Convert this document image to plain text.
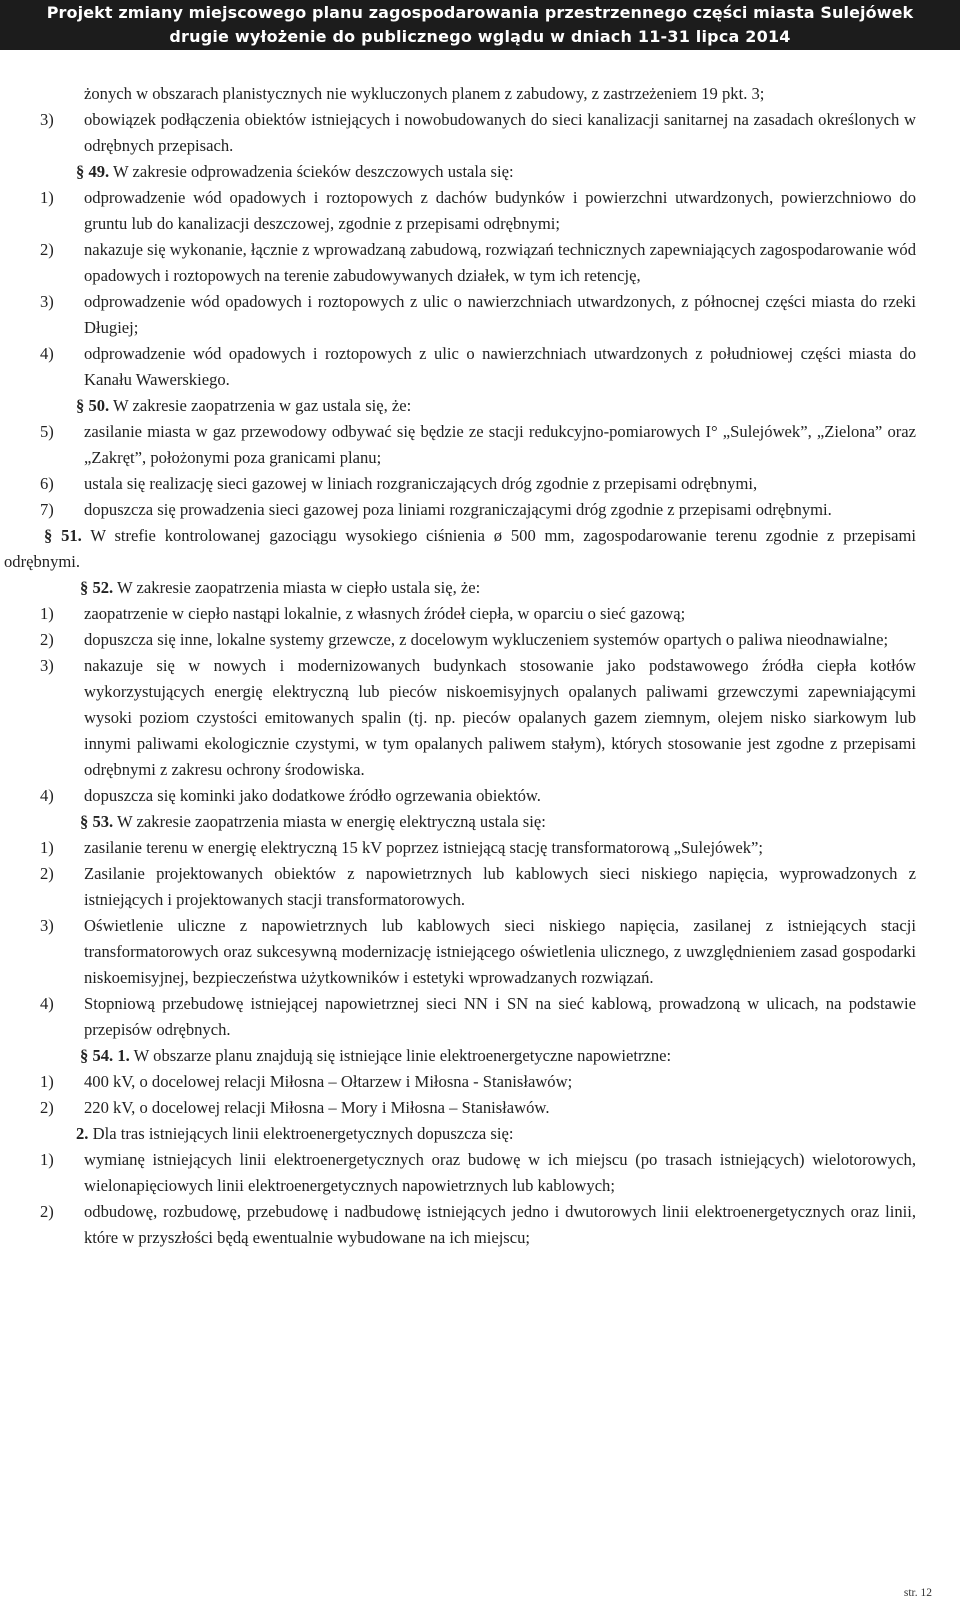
Projekt zmiany miejscowego planu zagospodarowania przestrzennego części miasta Sulejówek
drugie wyłożenie do publicznego wglądu w dniach 11-31 lipca 2014

żonych w obszarach planistycznych nie wykluczonych planem z zabudowy, z zastrzeżeniem 19 pkt. 3;

3)	obowiązek podłączenia obiektów istniejących i nowobudowanych do sieci kanalizacji sanitarnej na zasadach określonych w odrębnych przepisach.

§ 49. W zakresie odprowadzenia ścieków deszczowych ustala się:

1)	odprowadzenie wód opadowych i roztopowych z dachów budynków i powierzchni utwardzonych, powierzchniowo do gruntu lub do kanalizacji deszczowej, zgodnie z przepisami odrębnymi;
2)	nakazuje się wykonanie, łącznie z wprowadzaną zabudową, rozwiązań technicznych zapewniających zagospodarowanie wód opadowych i roztopowych na terenie zabudowywanych działek, w tym ich retencję,
3)	odprowadzenie wód opadowych i roztopowych z ulic o nawierzchniach utwardzonych, z północnej części miasta do rzeki Długiej;
4)	odprowadzenie wód opadowych i roztopowych z ulic o nawierzchniach utwardzonych z południowej części miasta do Kanału Wawerskiego.

§ 50. W zakresie zaopatrzenia w gaz ustala się, że:

5)	zasilanie miasta w gaz przewodowy odbywać się będzie ze stacji redukcyjno-pomiarowych I° „Sulejówek”, „Zielona” oraz „Zakręt”, położonymi poza granicami planu;
6)	ustala się realizację sieci gazowej w liniach rozgraniczających dróg zgodnie z przepisami odrębnymi,
7)	dopuszcza się prowadzenia sieci gazowej poza liniami rozgraniczającymi dróg zgodnie z przepisami odrębnymi.

§ 51. W strefie kontrolowanej gazociągu wysokiego ciśnienia ø 500 mm, zagospodarowanie terenu zgodnie z przepisami odrębnymi.

§ 52. W zakresie zaopatrzenia miasta w ciepło ustala się, że:

1)	zaopatrzenie w ciepło nastąpi lokalnie, z własnych źródeł ciepła, w oparciu o sieć gazową;
2)	dopuszcza się inne, lokalne systemy grzewcze, z docelowym wykluczeniem systemów opartych o paliwa nieodnawialne;
3)	nakazuje się w nowych i modernizowanych budynkach stosowanie jako podstawowego źródła ciepła kotłów wykorzystujących energię elektryczną lub pieców niskoemisyjnych opalanych paliwami grzewczymi zapewniającymi wysoki poziom czystości emitowanych spalin (tj. np. pieców opalanych gazem ziemnym, olejem nisko siarkowym lub innymi paliwami ekologicznie czystymi, w tym opalanych paliwem stałym), których stosowanie jest zgodne z przepisami odrębnymi z zakresu ochrony środowiska.
4)	dopuszcza się kominki jako dodatkowe źródło ogrzewania obiektów.

§ 53. W zakresie zaopatrzenia miasta w energię elektryczną ustala się:

1)	zasilanie terenu w energię elektryczną 15 kV poprzez istniejącą stację transformatorową „Sulejówek”;
2)	Zasilanie projektowanych obiektów z napowietrznych lub kablowych sieci niskiego napięcia, wyprowadzonych z istniejących i projektowanych stacji transformatorowych.
3)	Oświetlenie uliczne z napowietrznych lub kablowych sieci niskiego napięcia, zasilanej z istniejących stacji transformatorowych oraz sukcesywną modernizację istniejącego oświetlenia ulicznego, z uwzględnieniem zasad gospodarki niskoemisyjnej, bezpieczeństwa użytkowników i estetyki wprowadzanych rozwiązań.
4)	Stopniową przebudowę istniejącej napowietrznej sieci NN i SN na sieć kablową, prowadzoną w ulicach, na podstawie przepisów odrębnych.

§ 54. 1. W obszarze planu znajdują się istniejące linie elektroenergetyczne napowietrzne:

1)	400 kV, o docelowej relacji Miłosna – Ołtarzew i Miłosna - Stanisławów;
2)	220 kV, o docelowej relacji Miłosna – Mory i Miłosna – Stanisławów.

2. Dla tras istniejących linii elektroenergetycznych dopuszcza się:

1)	wymianę istniejących linii elektroenergetycznych oraz budowę w ich miejscu (po trasach istniejących) wielotorowych, wielonapięciowych linii elektroenergetycznych napowietrznych lub kablowych;
2)	odbudowę, rozbudowę, przebudowę i nadbudowę istniejących jedno i dwutorowych linii elektroenergetycznych oraz linii, które w przyszłości będą ewentualnie wybudowane na ich miejscu;
str. 12
